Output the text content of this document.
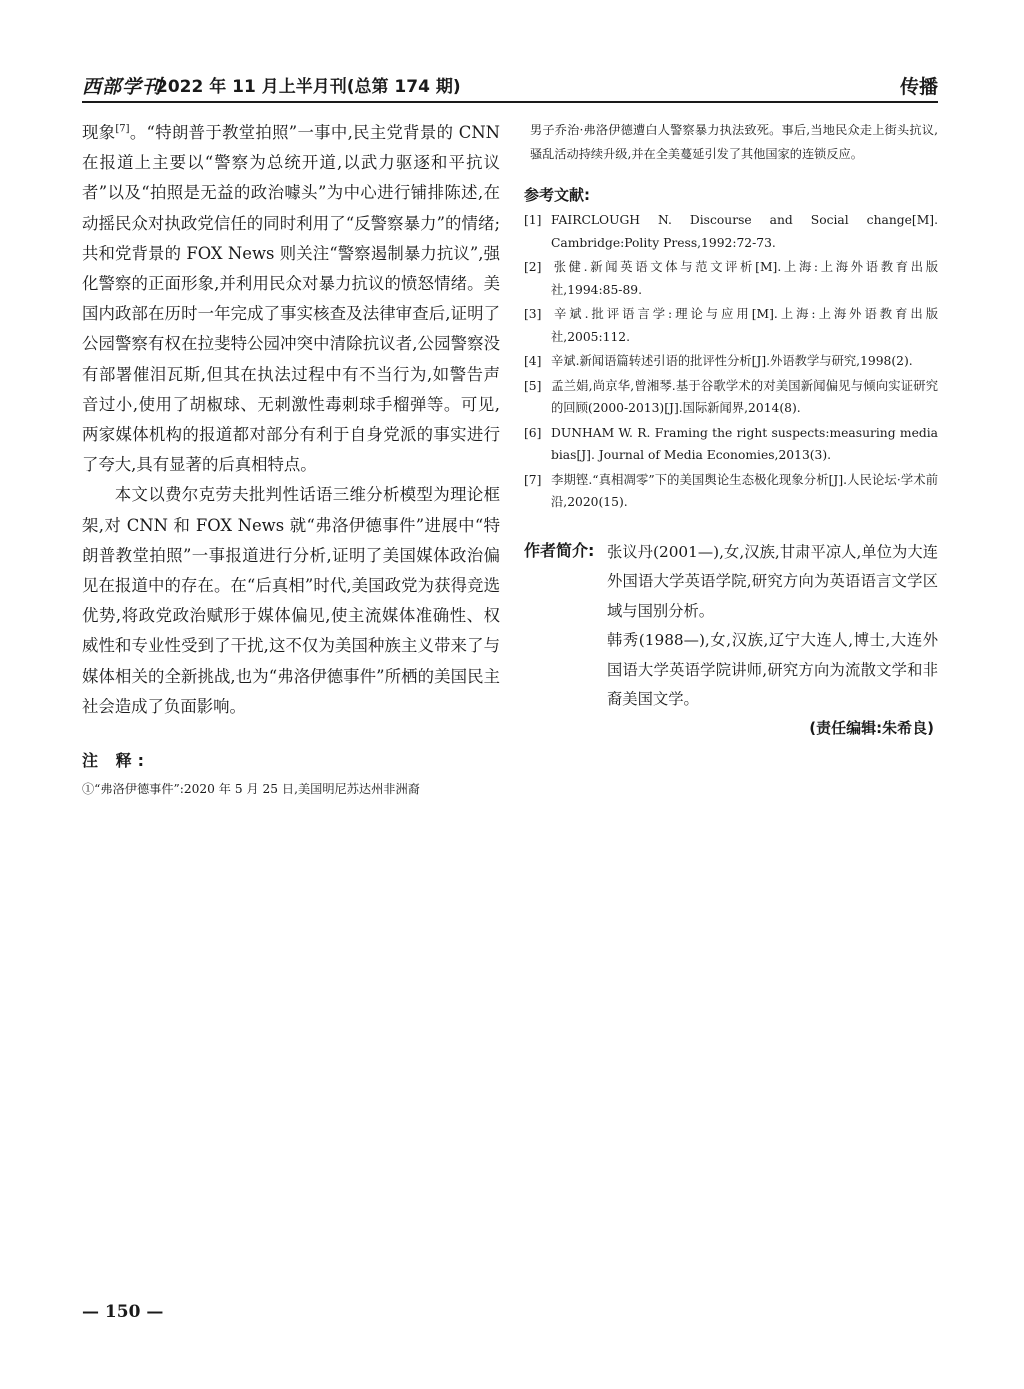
西部学刊
2022 年 11 月上半月刊(总第 174 期)	传播

现象[7]。“特朗普于教堂拍照”一事中,民主党背景的 CNN 在报道上主要以“警察为总统开道,以武力驱逐和平抗议者”以及“拍照是无益的政治噱头”为中心进行铺排陈述,在动摇民众对执政党信任的同时利用了“反警察暴力”的情绪;共和党背景的 FOX News 则关注“警察遏制暴力抗议”,强化警察的正面形象,并利用民众对暴力抗议的愤怒情绪。美国内政部在历时一年完成了事实核查及法律审查后,证明了公园警察有权在拉斐特公园冲突中清除抗议者,公园警察没有部署催泪瓦斯,但其在执法过程中有不当行为,如警告声音过小,使用了胡椒球、无刺激性毒刺球手榴弹等。可见,两家媒体机构的报道都对部分有利于自身党派的事实进行了夸大,具有显著的后真相特点。

本文以费尔克劳夫批判性话语三维分析模型为理论框架,对 CNN 和 FOX News 就“弗洛伊德事件”进展中“特朗普教堂拍照”一事报道进行分析,证明了美国媒体政治偏见在报道中的存在。在“后真相”时代,美国政党为获得竞选优势,将政党政治赋形于媒体偏见,使主流媒体准确性、权威性和专业性受到了干扰,这不仅为美国种族主义带来了与媒体相关的全新挑战,也为“弗洛伊德事件”所栖的美国民主社会造成了负面影响。

注 释:

①“弗洛伊德事件”:2020 年 5 月 25 日,美国明尼苏达州非洲裔

男子乔治·弗洛伊德遭白人警察暴力执法致死。事后,当地民众走上街头抗议,骚乱活动持续升级,并在全美蔓延引发了其他国家的连锁反应。

参考文献:

[1] FAIRCLOUGH N. Discourse and Social change[M]. Cambridge:Polity Press,1992:72-73.

[2] 张健.新闻英语文体与范文评析[M].上海:上海外语教育出版社,1994:85-89.

[3] 辛斌.批评语言学:理论与应用[M].上海:上海外语教育出版社,2005:112.

[4] 辛斌.新闻语篇转述引语的批评性分析[J].外语教学与研究,1998(2).

[5] 孟兰娟,尚京华,曾湘琴.基于谷歌学术的对美国新闻偏见与倾向实证研究的回顾(2000-2013)[J].国际新闻界,2014(8).

[6] DUNHAM W. R. Framing the right suspects:measuring media bias[J]. Journal of Media Economies,2013(3).

[7] 李期铿.“真相凋零”下的美国舆论生态极化现象分析[J].人民论坛·学术前沿,2020(15).

作者简介: 张议丹(2001—),女,汉族,甘肃平凉人,单位为大连外国语大学英语学院,研究方向为英语语言文学区域与国别分析。

韩秀(1988—),女,汉族,辽宁大连人,博士,大连外国语大学英语学院讲师,研究方向为流散文学和非裔美国文学。

(责任编辑:朱希良)
— 150 —
